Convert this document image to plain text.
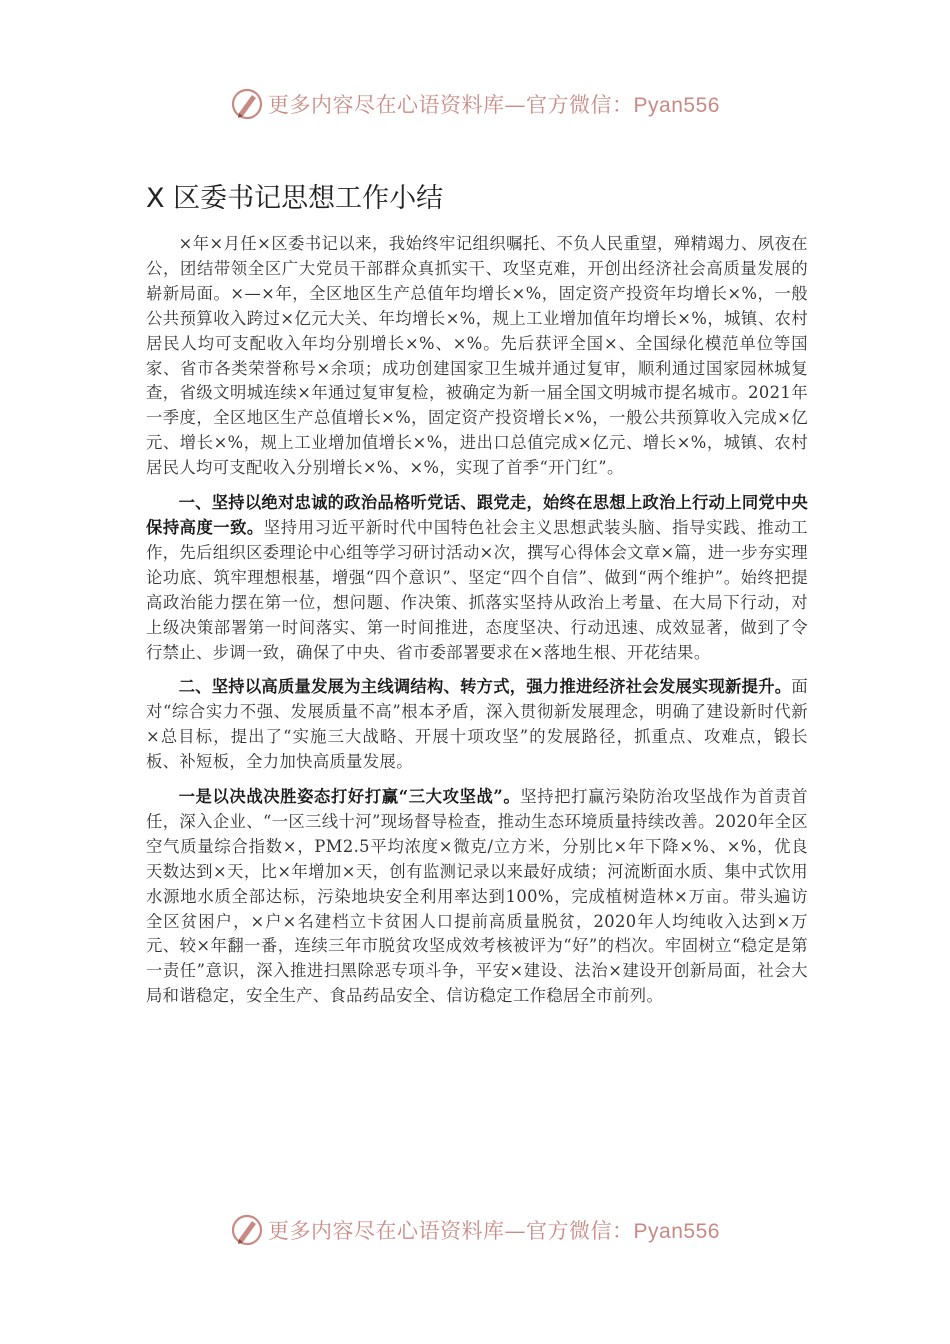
更多内容尽在心语资料库—官方微信：Pyan556
X 区委书记思想工作小结

×年×月任×区委书记以来，我始终牢记组织嘱托、不负人民重望，殚精竭力、夙夜在公，团结带领全区广大党员干部群众真抓实干、攻坚克难，开创出经济社会高质量发展的崭新局面。×—×年，全区地区生产总值年均增长×%，固定资产投资年均增长×%，一般公共预算收入跨过×亿元大关、年均增长×%，规上工业增加值年均增长×%，城镇、农村居民人均可支配收入年均分别增长×%、×%。先后获评全国×、全国绿化模范单位等国家、省市各类荣誉称号×余项；成功创建国家卫生城并通过复审，顺利通过国家园林城复查，省级文明城连续×年通过复审复检，被确定为新一届全国文明城市提名城市。2021年一季度，全区地区生产总值增长×%，固定资产投资增长×%，一般公共预算收入完成×亿元、增长×%，规上工业增加值增长×%，进出口总值完成×亿元、增长×%，城镇、农村居民人均可支配收入分别增长×%、×%，实现了首季“开门红”。

一、坚持以绝对忠诚的政治品格听党话、跟党走，始终在思想上政治上行动上同党中央保持高度一致。坚持用习近平新时代中国特色社会主义思想武装头脑、指导实践、推动工作，先后组织区委理论中心组等学习研讨活动×次，撰写心得体会文章×篇，进一步夯实理论功底、筑牢理想根基，增强“四个意识”、坚定“四个自信”、做到“两个维护”。始终把提高政治能力摆在第一位，想问题、作决策、抓落实坚持从政治上考量、在大局下行动，对上级决策部署第一时间落实、第一时间推进，态度坚决、行动迅速、成效显著，做到了令行禁止、步调一致，确保了中央、省市委部署要求在×落地生根、开花结果。

二、坚持以高质量发展为主线调结构、转方式，强力推进经济社会发展实现新提升。面对“综合实力不强、发展质量不高”根本矛盾，深入贯彻新发展理念，明确了建设新时代新×总目标，提出了“实施三大战略、开展十项攻坚”的发展路径，抓重点、攻难点，锻长板、补短板，全力加快高质量发展。

一是以决战决胜姿态打好打赢“三大攻坚战”。坚持把打赢污染防治攻坚战作为首责首任，深入企业、“一区三线十河”现场督导检查，推动生态环境质量持续改善。2020年全区空气质量综合指数×，PM2.5平均浓度×微克/立方米，分别比×年下降×%、×%，优良天数达到×天，比×年增加×天，创有监测记录以来最好成绩；河流断面水质、集中式饮用水源地水质全部达标，污染地块安全利用率达到100%，完成植树造林×万亩。带头遍访全区贫困户，×户×名建档立卡贫困人口提前高质量脱贫，2020年人均纯收入达到×万元、较×年翻一番，连续三年市脱贫攻坚成效考核被评为“好”的档次。牢固树立“稳定是第一责任”意识，深入推进扫黑除恶专项斗争，平安×建设、法治×建设开创新局面，社会大局和谐稳定，安全生产、食品药品安全、信访稳定工作稳居全市前列。

更多内容尽在心语资料库—官方微信：Pyan556
